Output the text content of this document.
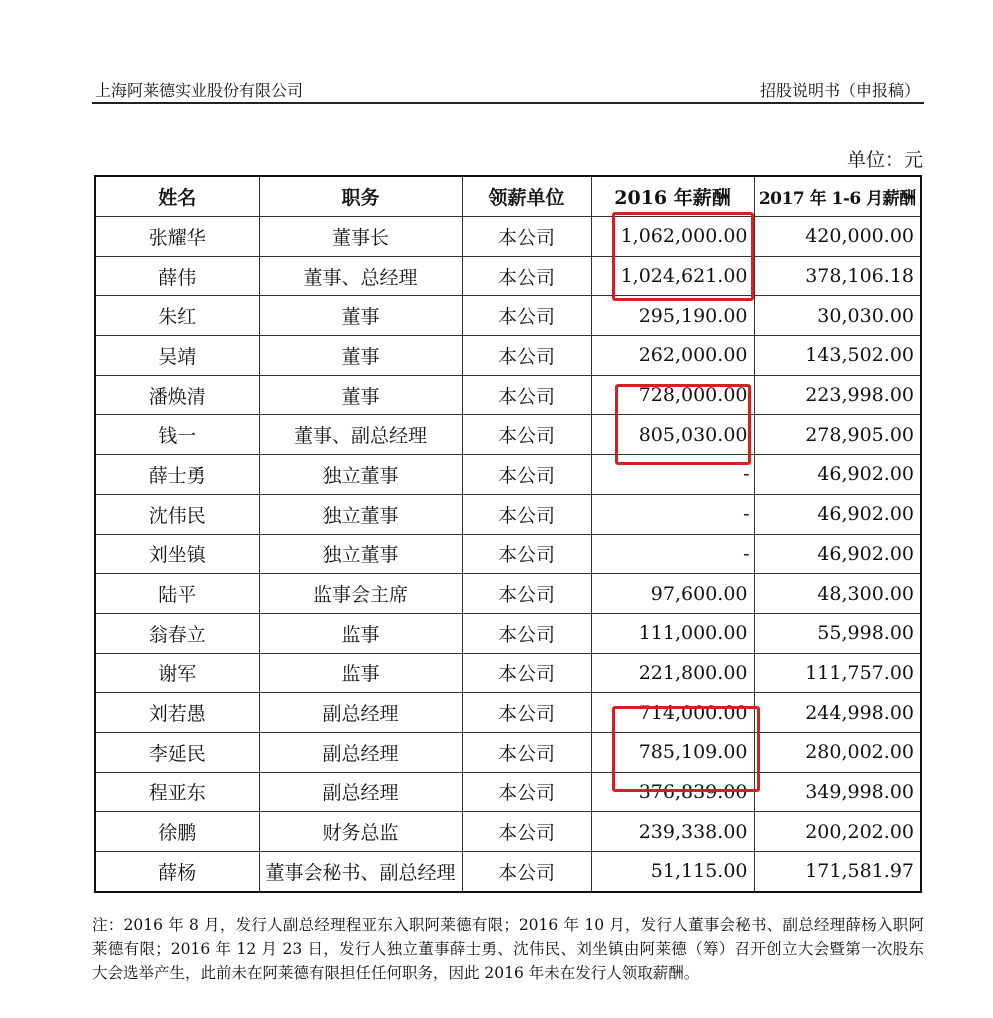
上海阿莱德实业股份有限公司	招股说明书（申报稿）
单位：元
姓名	职务	领薪单位	2016 年薪酬	2017 年 1-6 月薪酬
张耀华	董事长	本公司	1,062,000.00	420,000.00
薛伟	董事、总经理	本公司	1,024,621.00	378,106.18
朱红	董事	本公司	295,190.00	30,030.00
吴靖	董事	本公司	262,000.00	143,502.00
潘焕清	董事	本公司	728,000.00	223,998.00
钱一	董事、副总经理	本公司	805,030.00	278,905.00
薛士勇	独立董事	本公司	-	46,902.00
沈伟民	独立董事	本公司	-	46,902.00
刘坐镇	独立董事	本公司	-	46,902.00
陆平	监事会主席	本公司	97,600.00	48,300.00
翁春立	监事	本公司	111,000.00	55,998.00
谢军	监事	本公司	221,800.00	111,757.00
刘若愚	副总经理	本公司	714,000.00	244,998.00
李延民	副总经理	本公司	785,109.00	280,002.00
程亚东	副总经理	本公司	376,839.00	349,998.00
徐鹏	财务总监	本公司	239,338.00	200,202.00
薛杨	董事会秘书、副总经理	本公司	51,115.00	171,581.97
注：2016 年 8 月，发行人副总经理程亚东入职阿莱德有限；2016 年 10 月，发行人董事会秘书、副总经理薛杨入职阿莱德有限；2016 年 12 月 23 日，发行人独立董事薛士勇、沈伟民、刘坐镇由阿莱德（筹）召开创立大会暨第一次股东大会选举产生，此前未在阿莱德有限担任任何职务，因此 2016 年未在发行人领取薪酬。
